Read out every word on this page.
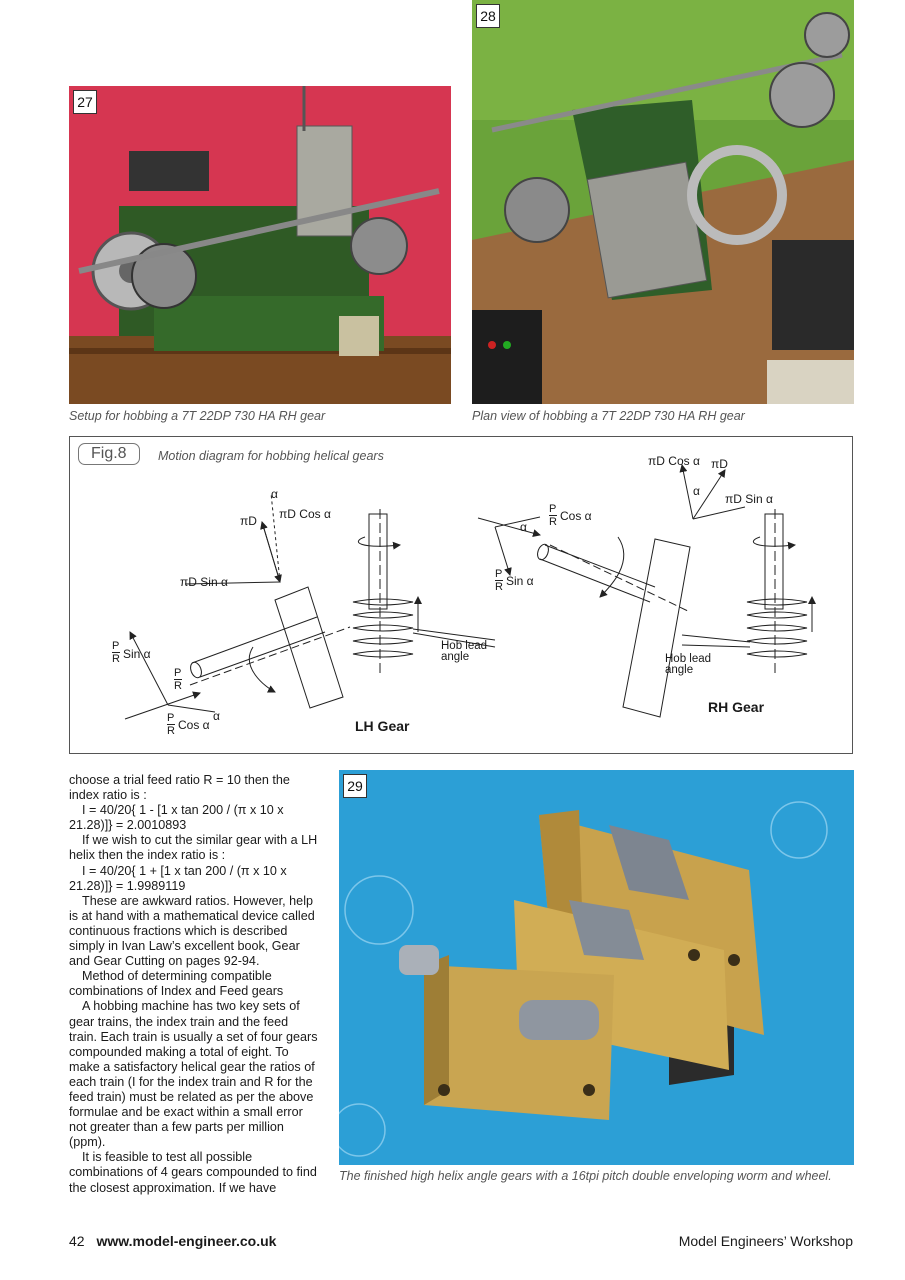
27
Setup for hobbing a 7T 22DP 730 HA RH gear
28
Plan view of hobbing a 7T 22DP 730 HA RH gear
Fig.8	Motion diagram for hobbing helical gears
α
πD πD Cos α
πD Sin α
P
R Sin α
P
R
P
R Cos α
α
Hob lead
angle
LH Gear
πD Cos α πD
α
πD Sin α
P
R Cos α
α
P
R Sin α
Hob lead
angle
RH Gear

choose a trial feed ratio R = 10 then the index ratio is :

I = 40/20{ 1 - [1 x tan 200 / (π x 10 x 21.28)]} = 2.0010893

If we wish to cut the similar gear with a LH helix then the index ratio is :

I = 40/20{ 1 + [1 x tan 200 / (π x 10 x 21.28)]} = 1.9989119

These are awkward ratios. However, help is at hand with a mathematical device called continuous fractions which is described simply in Ivan Law’s excellent book, Gear and Gear Cutting on pages 92-94.

Method of determining compatible combinations of Index and Feed gears

A hobbing machine has two key sets of gear trains, the index train and the feed train. Each train is usually a set of four gears compounded making a total of eight. To make a satisfactory helical gear the ratios of each train (I for the index train and R for the feed train) must be related as per the above formulae and be exact within a small error not greater than a few parts per million (ppm).

It is feasible to test all possible combinations of 4 gears compounded to find the closest approximation. If we have

29
The finished high helix angle gears with a 16tpi pitch double enveloping worm and wheel.
42 www.model-engineer.co.uk	Model Engineers’ Workshop
